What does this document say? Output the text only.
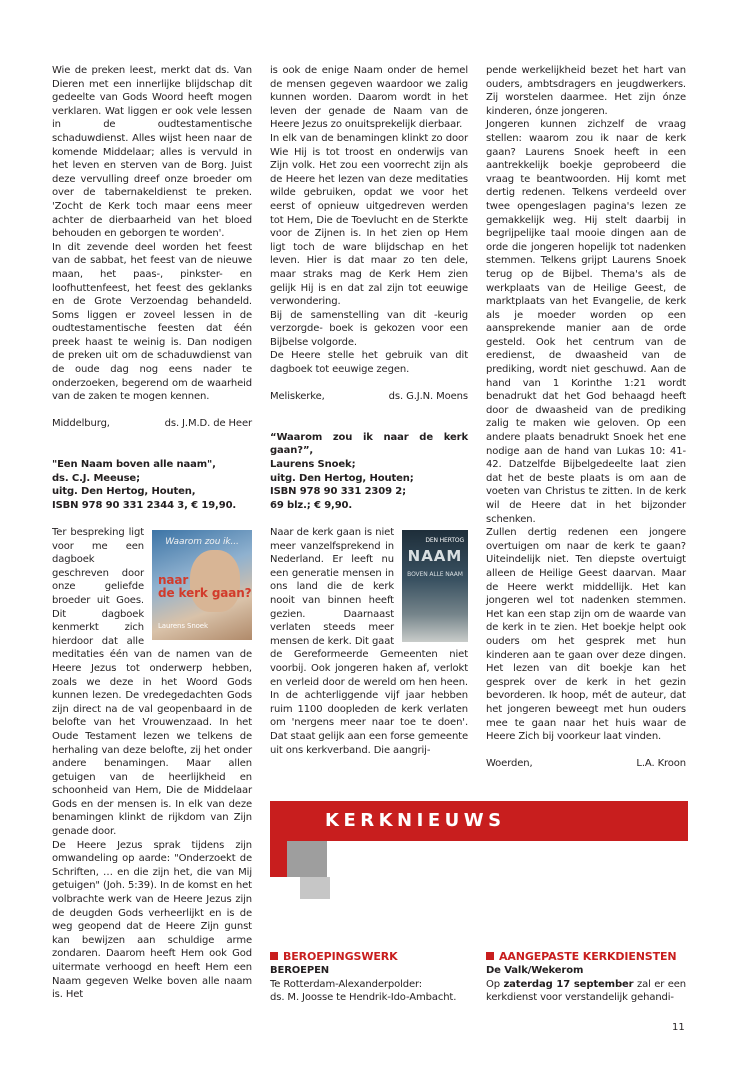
Wie de preken leest, merkt dat ds. Van Dieren met een innerlijke blijdschap dit gedeelte van Gods Woord heeft mogen verklaren. Wat liggen er ook vele lessen in de oudtestamentische schaduwdienst. Alles wijst heen naar de komende Middelaar; alles is vervuld in het leven en sterven van de Borg. Juist deze vervulling dreef onze broeder om over de tabernakeldienst te preken. 'Zocht de Kerk toch maar eens meer achter de dierbaarheid van het bloed behouden en geborgen te worden'.

In dit zevende deel worden het feest van de sabbat, het feest van de nieuwe maan, het paas-, pinkster- en loofhuttenfeest, het feest des geklanks en de Grote Verzoendag behandeld. Soms liggen er zoveel lessen in de oudtestamentische feesten dat één preek haast te weinig is. Dan nodigen de preken uit om de schaduwdienst van de oude dag nog eens nader te onderzoeken, begerend om de waarheid van de zaken te mogen kennen.

Middelburg,	ds. J.M.D. de Heer
"Een Naam boven alle naam",
ds. C.J. Meeuse;
uitg. Den Hertog, Houten,
ISBN 978 90 331 2344 3, € 19,90.
Waarom zou ik...
naar
de kerk gaan?
Laurens Snoek

Ter bespreking ligt voor me een dagboek geschreven door onze geliefde broeder uit Goes. Dit dagboek kenmerkt zich hierdoor dat alle meditaties één van de namen van de Heere Jezus tot onderwerp hebben, zoals we deze in het Woord Gods kunnen lezen. De vredegedachten Gods zijn direct na de val geopenbaard in de belofte van het Vrouwenzaad. In het Oude Testament lezen we telkens de herhaling van deze belofte, zij het onder andere benamingen. Maar allen getuigen van de heerlijkheid en schoonheid van Hem, Die de Middelaar Gods en der mensen is. In elk van deze benamingen klinkt de rijkdom van Zijn genade door.

De Heere Jezus sprak tijdens zijn omwandeling op aarde: "Onderzoekt de Schriften, … en die zijn het, die van Mij getuigen" (Joh. 5:39). In de komst en het volbrachte werk van de Heere Jezus zijn de deugden Gods verheerlijkt en is de weg geopend dat de Heere Zijn gunst kan bewijzen aan schuldige arme zondaren. Daarom heeft Hem ook God uitermate verhoogd en heeft Hem een Naam gegeven Welke boven alle naam is. Het

is ook de enige Naam onder de hemel de mensen gegeven waardoor we zalig kunnen worden. Daarom wordt in het leven der genade de Naam van de Heere Jezus zo onuitsprekelijk dierbaar.

In elk van de benamingen klinkt zo door Wie Hij is tot troost en onderwijs van Zijn volk. Het zou een voorrecht zijn als de Heere het lezen van deze meditaties wilde gebruiken, opdat we voor het eerst of opnieuw uitgedreven werden tot Hem, Die de Toevlucht en de Sterkte voor de Zijnen is. In het zien op Hem ligt toch de ware blijdschap en het leven. Hier is dat maar zo ten dele, maar straks mag de Kerk Hem zien gelijk Hij is en dat zal zijn tot eeuwige verwondering.

Bij de samenstelling van dit -keurig verzorgde- boek is gekozen voor een Bijbelse volgorde.

De Heere stelle het gebruik van dit dagboek tot eeuwige zegen.

Meliskerke,	ds. G.J.N. Moens
“Waarom zou ik naar de kerk gaan?”,
Laurens Snoek;
uitg. Den Hertog, Houten;
ISBN 978 90 331 2309 2;
69 blz.; € 9,90.
DEN HERTOG
NAAM
BOVEN ALLE NAAM

Naar de kerk gaan is niet meer vanzelfsprekend in Nederland. Er leeft nu een generatie mensen in ons land die de kerk nooit van binnen heeft gezien. Daarnaast verlaten steeds meer mensen de kerk. Dit gaat de Gereformeerde Gemeenten niet voorbij. Ook jongeren haken af, verlokt en verleid door de wereld om hen heen. In de achterliggende vijf jaar hebben ruim 1100 doopleden de kerk verlaten om 'nergens meer naar toe te doen'. Dat staat gelijk aan een forse gemeente uit ons kerkverband. Die aangrij-

pende werkelijkheid bezet het hart van ouders, ambtsdragers en jeugdwerkers. Zij worstelen daarmee. Het zijn ónze kinderen, ónze jongeren.

Jongeren kunnen zichzelf de vraag stellen: waarom zou ik naar de kerk gaan? Laurens Snoek heeft in een aantrekkelijk boekje geprobeerd die vraag te beantwoorden. Hij komt met dertig redenen. Telkens verdeeld over twee opengeslagen pagina's lezen ze gemakkelijk weg. Hij stelt daarbij in begrijpelijke taal mooie dingen aan de orde die jongeren hopelijk tot nadenken stemmen. Telkens grijpt Laurens Snoek terug op de Bijbel. Thema's als de werkplaats van de Heilige Geest, de marktplaats van het Evangelie, de kerk als je moeder worden op een aansprekende manier aan de orde gesteld. Ook het centrum van de eredienst, de dwaasheid van de prediking, wordt niet geschuwd. Aan de hand van 1 Korinthe 1:21 wordt benadrukt dat het God behaagd heeft door de dwaasheid van de prediking zalig te maken wie geloven. Op een andere plaats benadrukt Snoek het ene nodige aan de hand van Lukas 10: 41-42. Datzelfde Bijbelgedeelte laat zien dat het de beste plaats is om aan de voeten van Christus te zitten. In de kerk wil de Heere dat in het bijzonder schenken.

Zullen dertig redenen een jongere overtuigen om naar de kerk te gaan? Uiteindelijk niet. Ten diepste overtuigt alleen de Heilige Geest daarvan. Maar de Heere werkt middellijk. Het kan jongeren wel tot nadenken stemmen. Het kan een stap zijn om de waarde van de kerk in te zien. Het boekje helpt ook ouders om het gesprek met hun kinderen aan te gaan over deze dingen. Het lezen van dit boekje kan het gesprek over de kerk in het gezin bevorderen. Ik hoop, mét de auteur, dat het jongeren beweegt met hun ouders mee te gaan naar het huis waar de Heere Zich bij voorkeur laat vinden.

Woerden,	L.A. Kroon
KERKNIEUWS
BEROEPINGSWERK
BEROEPEN

Te Rotterdam-Alexanderpolder:

ds. M. Joosse te Hendrik-Ido-Ambacht.

AANGEPASTE KERKDIENSTEN
De Valk/Wekerom

Op zaterdag 17 september zal er een kerkdienst voor verstandelijk gehandi-

11
